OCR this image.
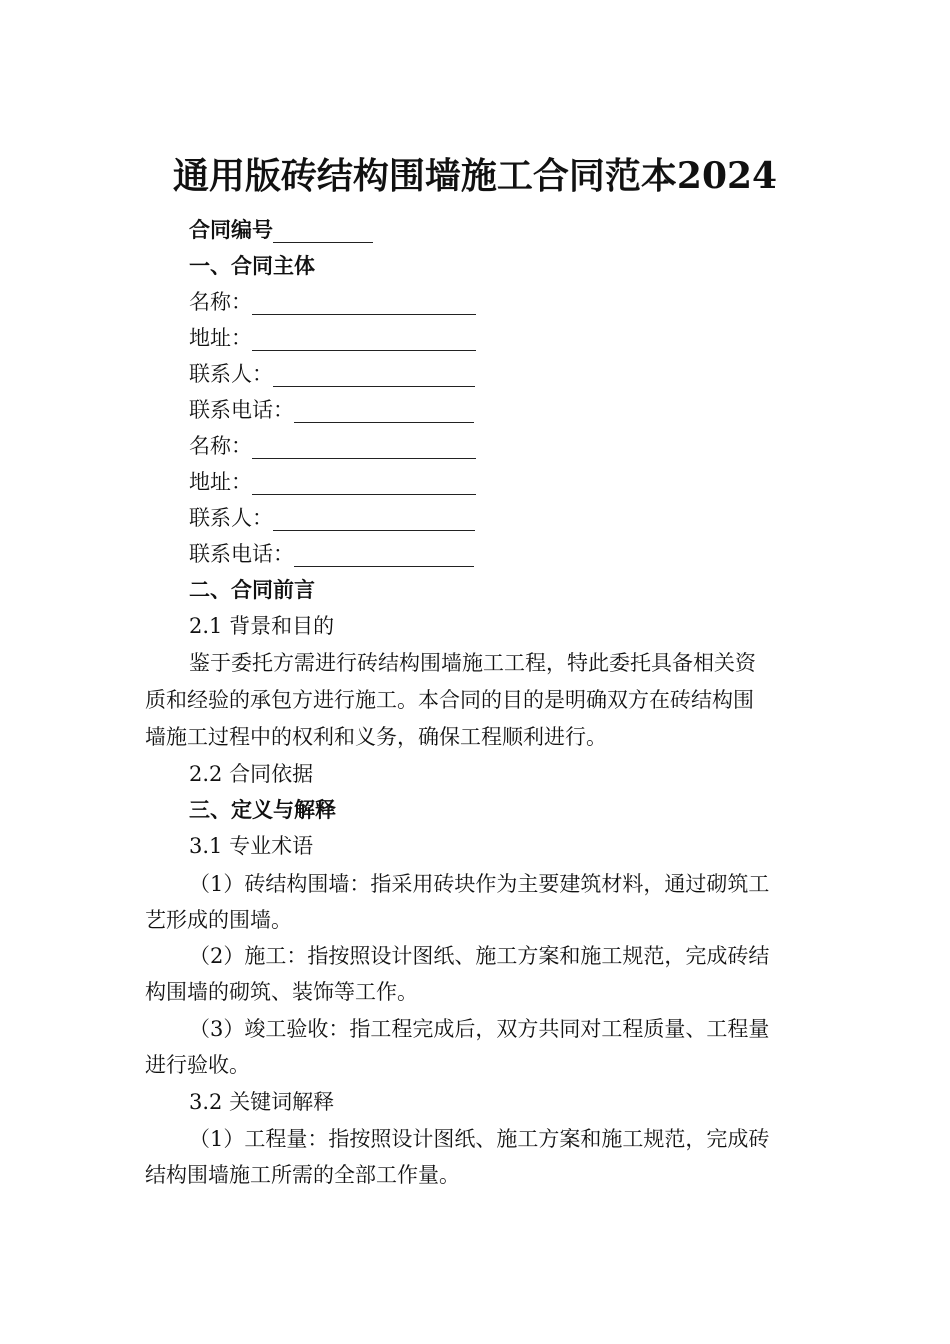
通用版砖结构围墙施工合同范本2024
合同编号
一、合同主体
名称：
地址：
联系人：
联系电话：
名称：
地址：
联系人：
联系电话：
二、合同前言
2.1 背景和目的
鉴于委托方需进行砖结构围墙施工工程，特此委托具备相关资
质和经验的承包方进行施工。本合同的目的是明确双方在砖结构围
墙施工过程中的权利和义务，确保工程顺利进行。
2.2 合同依据
三、定义与解释
3.1 专业术语
（1）砖结构围墙：指采用砖块作为主要建筑材料，通过砌筑工
艺形成的围墙。
（2）施工：指按照设计图纸、施工方案和施工规范，完成砖结
构围墙的砌筑、装饰等工作。
（3）竣工验收：指工程完成后，双方共同对工程质量、工程量
进行验收。
3.2 关键词解释
（1）工程量：指按照设计图纸、施工方案和施工规范，完成砖
结构围墙施工所需的全部工作量。
